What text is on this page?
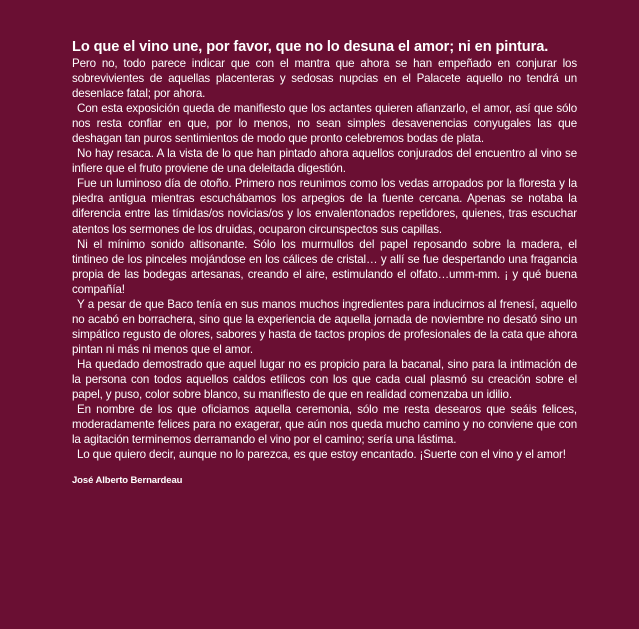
Lo que el vino une, por favor, que no lo desuna el amor; ni en pintura.

Pero no, todo parece indicar que con el mantra que ahora se han empeñado en conjurar los sobrevivientes de aquellas placenteras y sedosas nupcias en el Palacete aquello no tendrá un desenlace fatal; por ahora.

Con esta exposición queda de manifiesto que los actantes quieren afianzarlo, el amor, así que sólo nos resta confiar en que, por lo menos, no sean simples desavenencias conyugales las que deshagan tan puros sentimientos de modo que pronto celebremos bodas de plata.

No hay resaca. A la vista de lo que han pintado ahora aquellos conjurados del encuentro al vino se infiere que el fruto proviene de una deleitada digestión.

Fue un luminoso día de otoño. Primero nos reunimos como los vedas arropados por la floresta y la piedra antigua mientras escuchábamos los arpegios de la fuente cercana. Apenas se notaba la diferencia entre las tímidas/os novicias/os y los envalentonados repetidores, quienes, tras escuchar atentos los sermones de los druidas, ocuparon circunspectos sus capillas.

Ni el mínimo sonido altisonante. Sólo los murmullos del papel reposando sobre la madera, el tintineo de los pinceles mojándose en los cálices de cristal… y allí se fue despertando una fragancia propia de las bodegas artesanas, creando el aire, estimulando el olfato…umm-mm. ¡ y qué buena compañía!

Y a pesar de que Baco tenía en sus manos muchos ingredientes para inducirnos al frenesí, aquello no acabó en borrachera, sino que la experiencia de aquella jornada de noviembre no desató sino un simpático regusto de olores, sabores y hasta de tactos propios de profesionales de la cata que ahora pintan ni más ni menos que el amor.

Ha quedado demostrado que aquel lugar no es propicio para la bacanal, sino para la intimación de la persona con todos aquellos caldos etílicos con los que cada cual plasmó su creación sobre el papel, y puso, color sobre blanco, su manifiesto de que en realidad comenzaba un idilio.

En nombre de los que oficiamos aquella ceremonia, sólo me resta desearos que seáis felices, moderadamente felices para no exagerar, que aún nos queda mucho camino y no conviene que con la agitación terminemos derramando el vino por el camino; sería una lástima.

Lo que quiero decir, aunque no lo parezca, es que estoy encantado. ¡Suerte con el vino y el amor!

José Alberto Bernardeau
